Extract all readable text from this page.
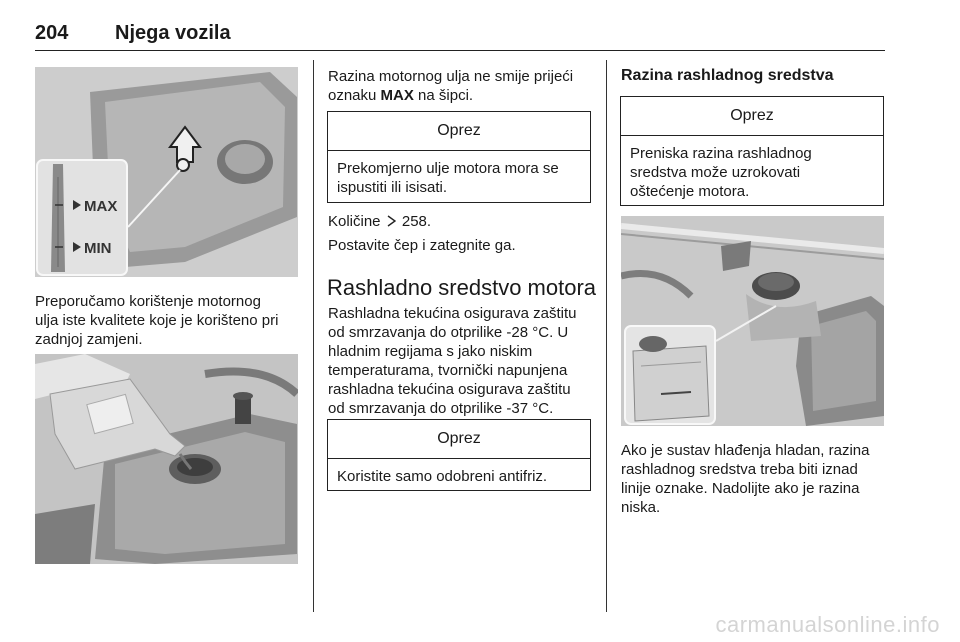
204 Njega vozila
MAX
MIN
Preporučamo korištenje motornog
ulja iste kvalitete koje je korišteno pri
zadnjoj zamjeni.
Razina motornog ulja ne smije prijeći
oznaku MAX na šipci.
Oprez
Prekomjerno ulje motora mora se
ispustiti ili isisati.
Količine 258.
Postavite čep i zategnite ga.
Rashladno sredstvo motora
Rashladna tekućina osigurava zaštitu
od smrzavanja do otprilike -28 °C. U
hladnim regijama s jako niskim
temperaturama, tvornički napunjena
rashladna tekućina osigurava zaštitu
od smrzavanja do otprilike -37 °C.
Oprez
Koristite samo odobreni antifriz.
Razina rashladnog sredstva
Oprez
Preniska razina rashladnog
sredstva može uzrokovati
oštećenje motora.
Ako je sustav hlađenja hladan, razina
rashladnog sredstva treba biti iznad
linije oznake. Nadolijte ako je razina
niska.
carmanualsonline.info
